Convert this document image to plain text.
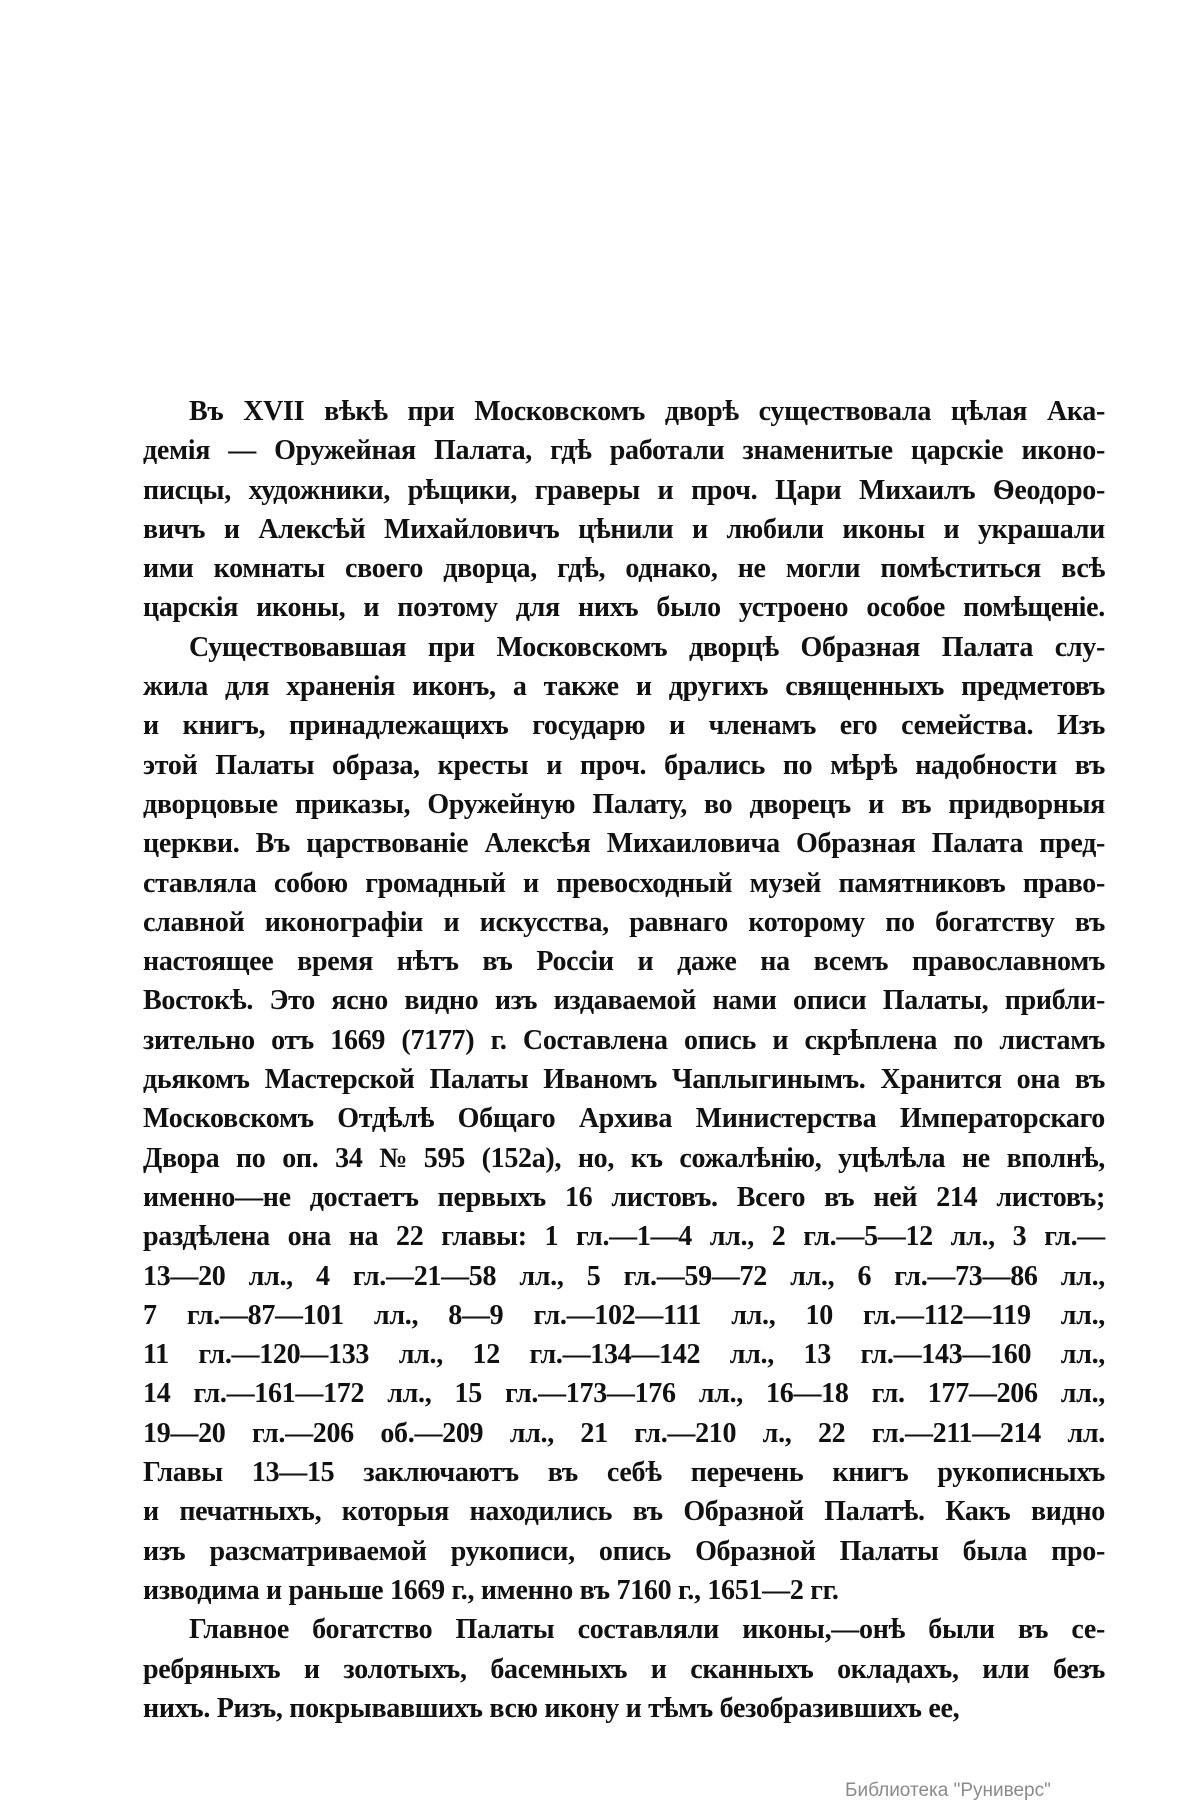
Въ XVII вѣкѣ при Московскомъ дворѣ существовала цѣлая Ака-
демія — Оружейная Палата, гдѣ работали знаменитые царскіе иконо-
писцы, художники, рѣщики, граверы и проч. Цари Михаилъ Ѳеодоро-
вичъ и Алексѣй Михайловичъ цѣнили и любили иконы и украшали
ими комнаты своего дворца, гдѣ, однако, не могли помѣститься всѣ
царскія иконы, и поэтому для нихъ было устроено особое помѣщеніе.
Существовавшая при Московскомъ дворцѣ Образная Палата слу-
жила для храненія иконъ, а также и другихъ священныхъ предметовъ
и книгъ, принадлежащихъ государю и членамъ его семейства. Изъ
этой Палаты образа, кресты и проч. брались по мѣрѣ надобности въ
дворцовые приказы, Оружейную Палату, во дворецъ и въ придворныя
церкви. Въ царствованіе Алексѣя Михаиловича Образная Палата пред-
ставляла собою громадный и превосходный музей памятниковъ право-
славной иконографіи и искусства, равнаго которому по богатству въ
настоящее время нѣтъ въ Россіи и даже на всемъ православномъ
Востокѣ. Это ясно видно изъ издаваемой нами описи Палаты, прибли-
зительно отъ 1669 (7177) г. Составлена опись и скрѣплена по листамъ
дьякомъ Мастерской Палаты Иваномъ Чаплыгинымъ. Хранится она въ
Московскомъ Отдѣлѣ Общаго Архива Министерства Императорскаго
Двора по оп. 34 № 595 (152а), но, къ сожалѣнію, уцѣлѣла не вполнѣ,
именно—не достаетъ первыхъ 16 листовъ. Всего въ ней 214 листовъ;
раздѣлена она на 22 главы: 1 гл.—1—4 лл., 2 гл.—5—12 лл., 3 гл.—
13—20 лл., 4 гл.—21—58 лл., 5 гл.—59—72 лл., 6 гл.—73—86 лл.,
7 гл.—87—101 лл., 8—9 гл.—102—111 лл., 10 гл.—112—119 лл.,
11 гл.—120—133 лл., 12 гл.—134—142 лл., 13 гл.—143—160 лл.,
14 гл.—161—172 лл., 15 гл.—173—176 лл., 16—18 гл. 177—206 лл.,
19—20 гл.—206 об.—209 лл., 21 гл.—210 л., 22 гл.—211—214 лл.
Главы 13—15 заключаютъ въ себѣ перечень книгъ рукописныхъ
и печатныхъ, которыя находились въ Образной Палатѣ. Какъ видно
изъ разсматриваемой рукописи, опись Образной Палаты была про-
изводима и раньше 1669 г., именно въ 7160 г., 1651—2 гг.
Главное богатство Палаты составляли иконы,—онѣ были въ се-
ребряныхъ и золотыхъ, басемныхъ и сканныхъ окладахъ, или безъ
нихъ. Ризъ, покрывавшихъ всю икону и тѣмъ безобразившихъ ее,
Библиотека "Руниверс"
